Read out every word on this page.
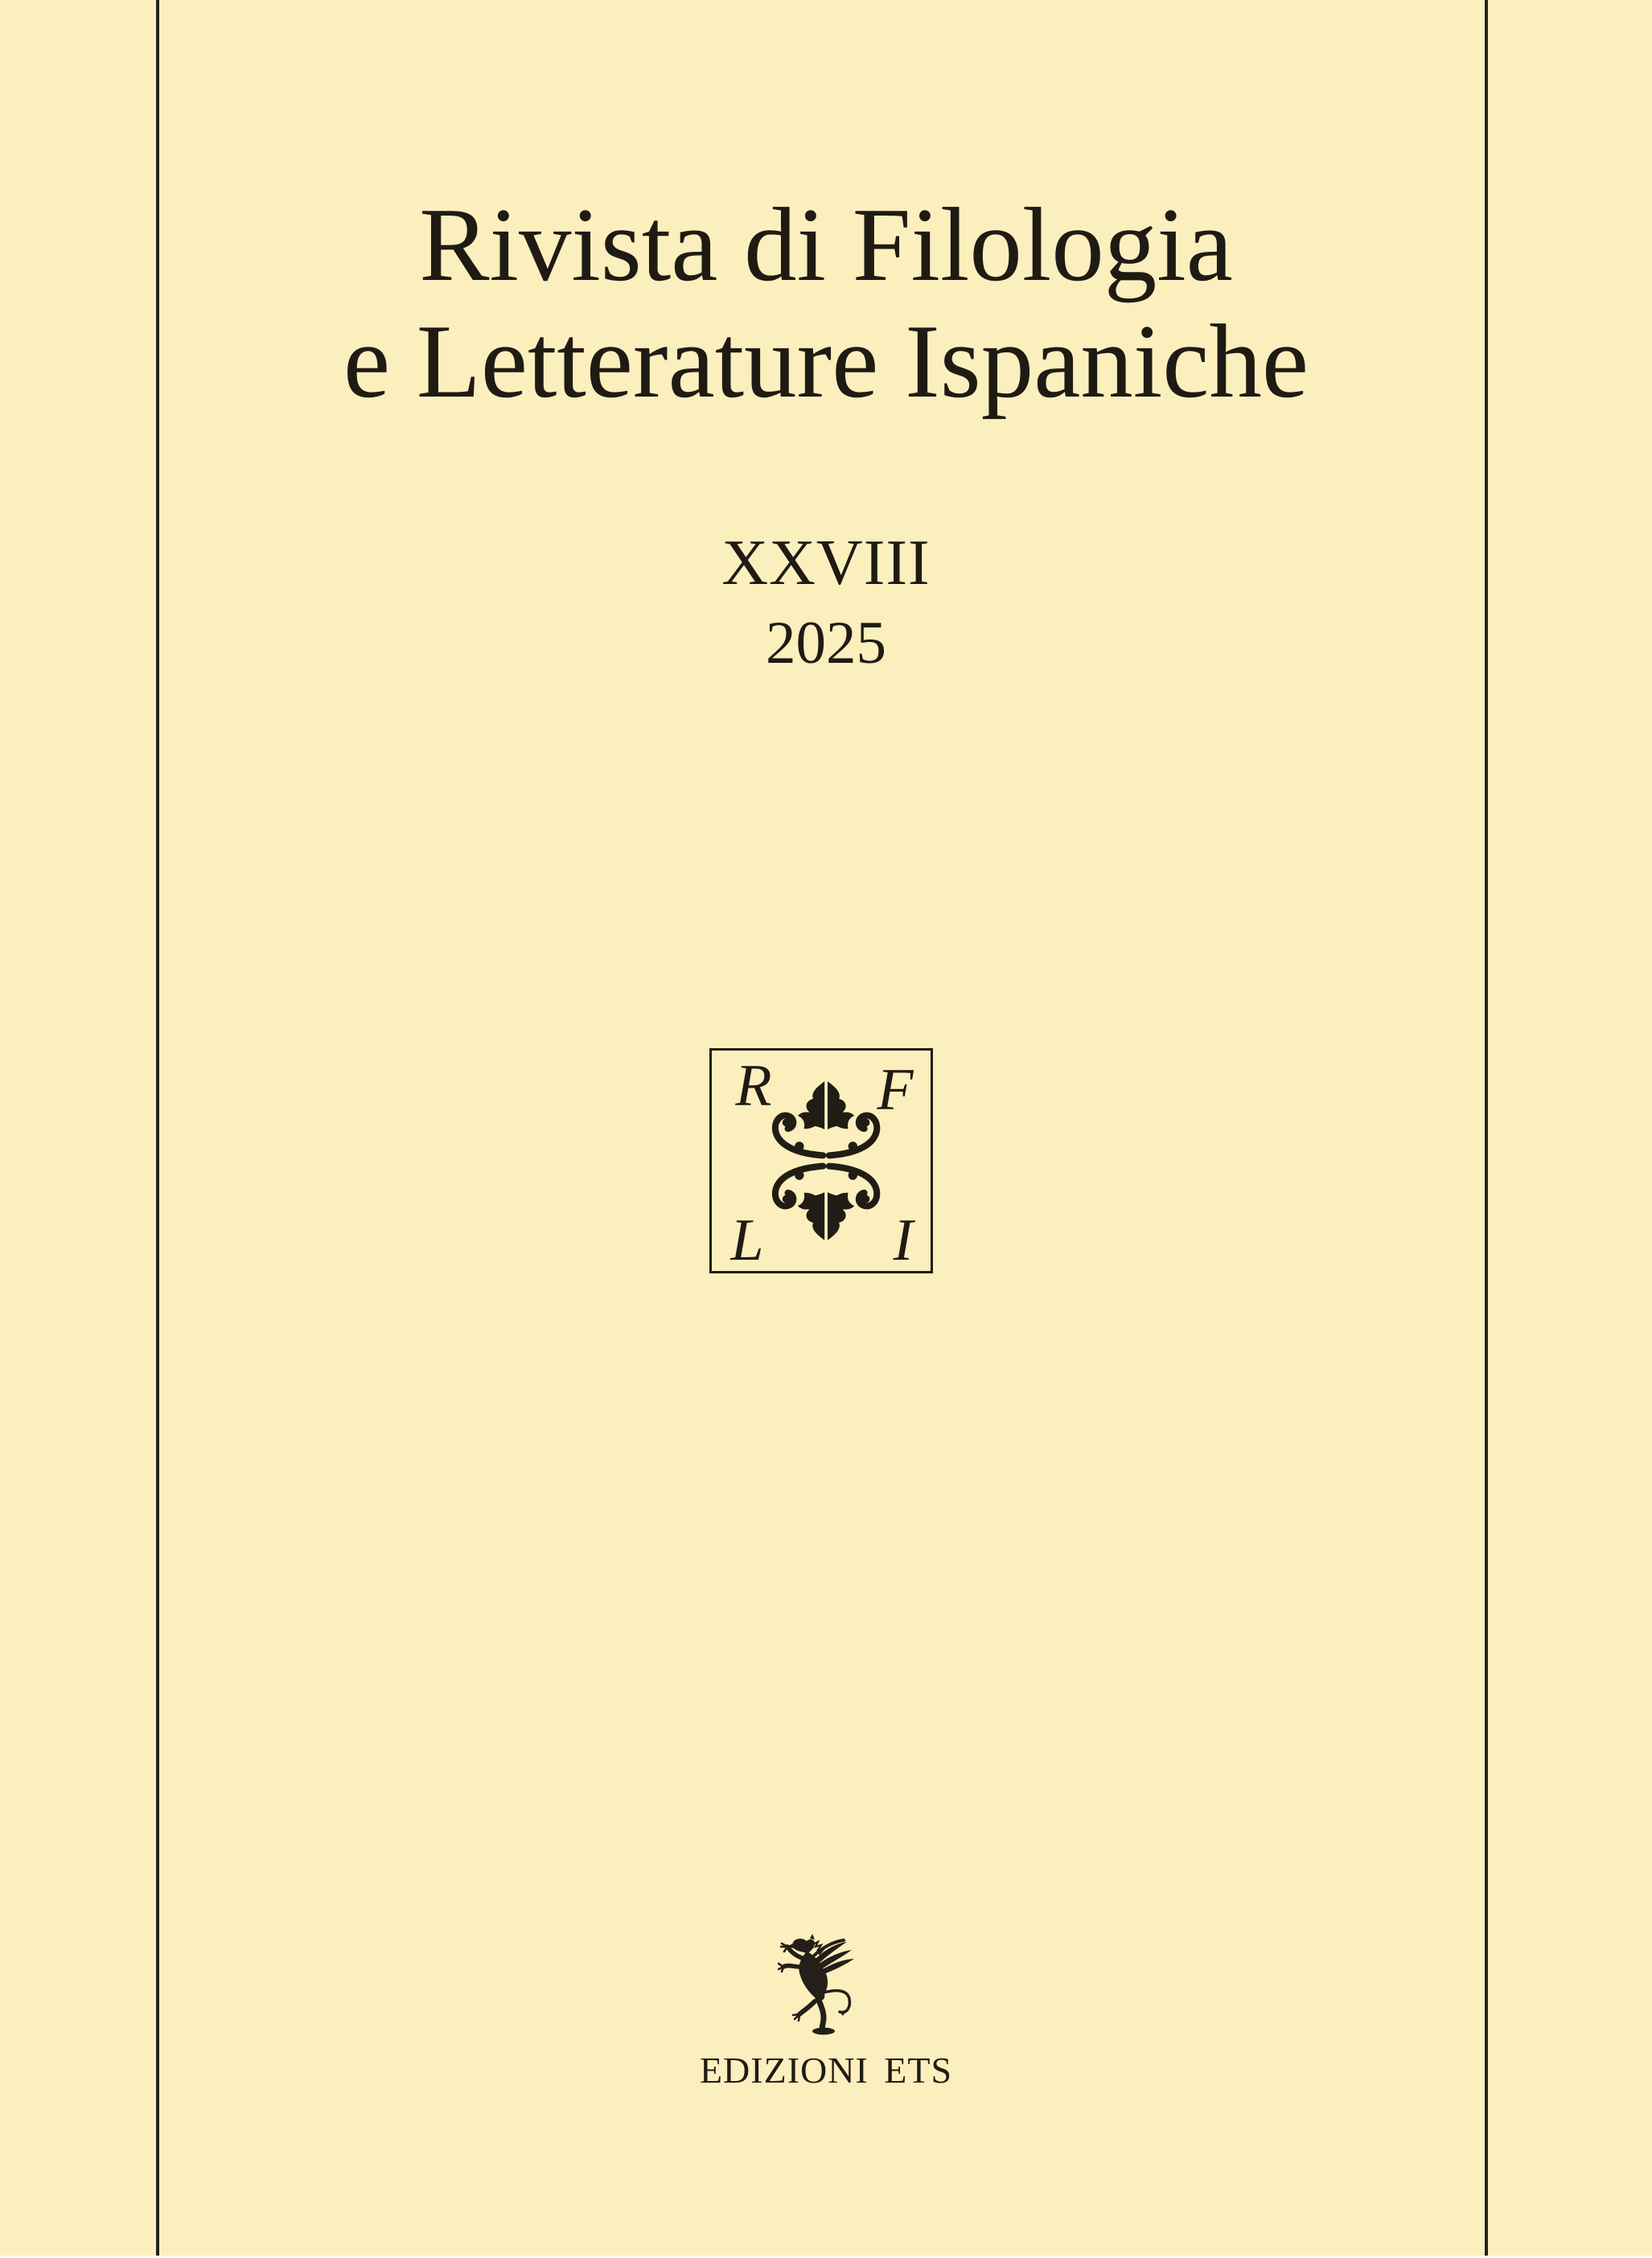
Rivista di Filologia
e Letterature Ispaniche
XXVIII
2025
R F
L I
EDIZIONI ETS
